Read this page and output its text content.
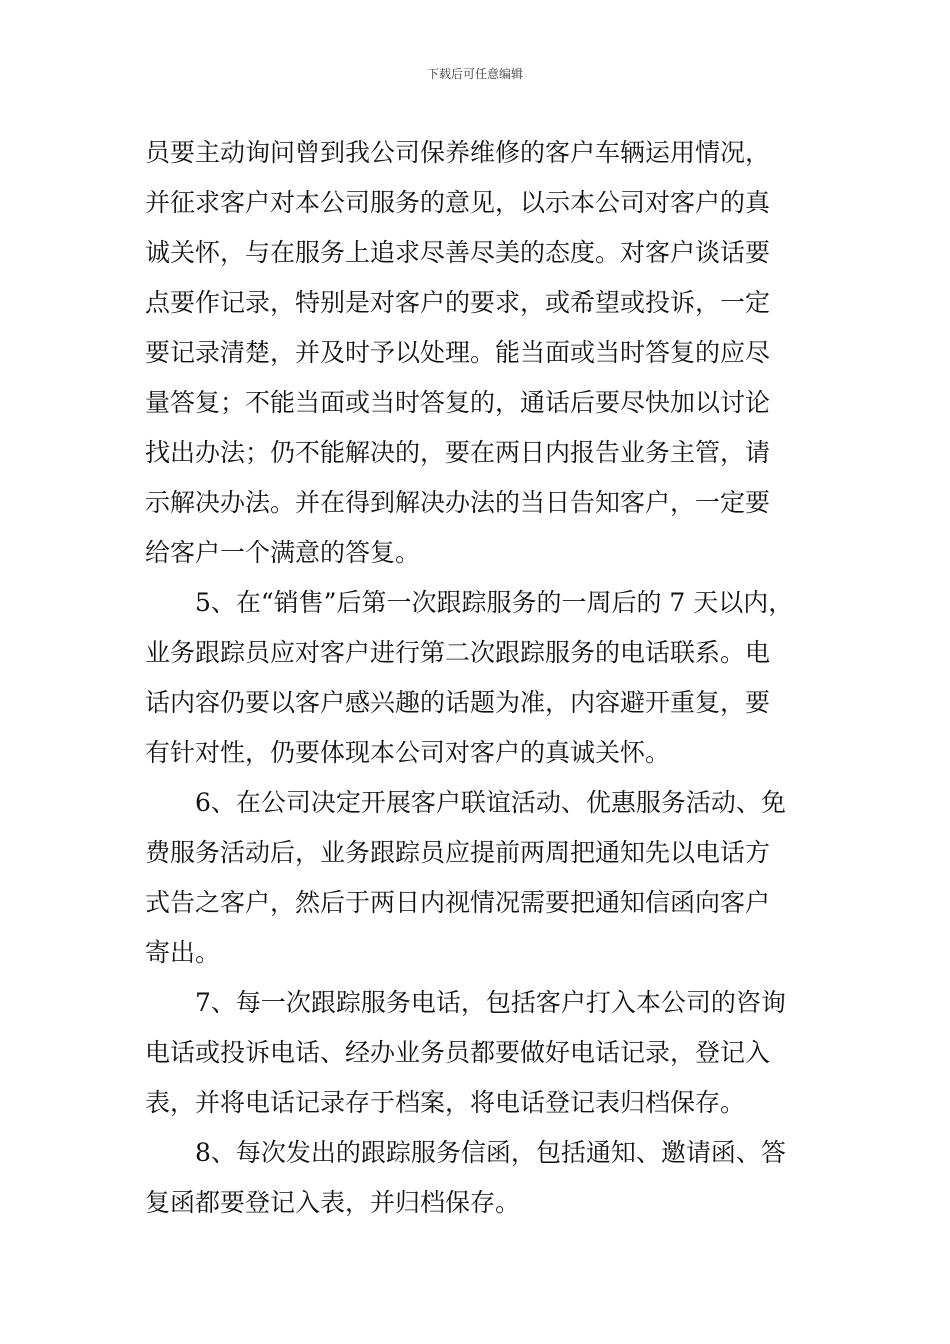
下载后可任意编辑
员要主动询问曾到我公司保养维修的客户车辆运用情况，
并征求客户对本公司服务的意见，以示本公司对客户的真
诚关怀，与在服务上追求尽善尽美的态度。对客户谈话要
点要作记录，特别是对客户的要求，或希望或投诉，一定
要记录清楚，并及时予以处理。能当面或当时答复的应尽
量答复；不能当面或当时答复的，通话后要尽快加以讨论
找出办法；仍不能解决的，要在两日内报告业务主管，请
示解决办法。并在得到解决办法的当日告知客户，一定要
给客户一个满意的答复。
5、在“销售”后第一次跟踪服务的一周后的 7 天以内，
业务跟踪员应对客户进行第二次跟踪服务的电话联系。电
话内容仍要以客户感兴趣的话题为准，内容避开重复，要
有针对性，仍要体现本公司对客户的真诚关怀。
6、在公司决定开展客户联谊活动、优惠服务活动、免
费服务活动后，业务跟踪员应提前两周把通知先以电话方
式告之客户，然后于两日内视情况需要把通知信函向客户
寄出。
7、每一次跟踪服务电话，包括客户打入本公司的咨询
电话或投诉电话、经办业务员都要做好电话记录，登记入
表，并将电话记录存于档案，将电话登记表归档保存。
8、每次发出的跟踪服务信函，包括通知、邀请函、答
复函都要登记入表，并归档保存。
